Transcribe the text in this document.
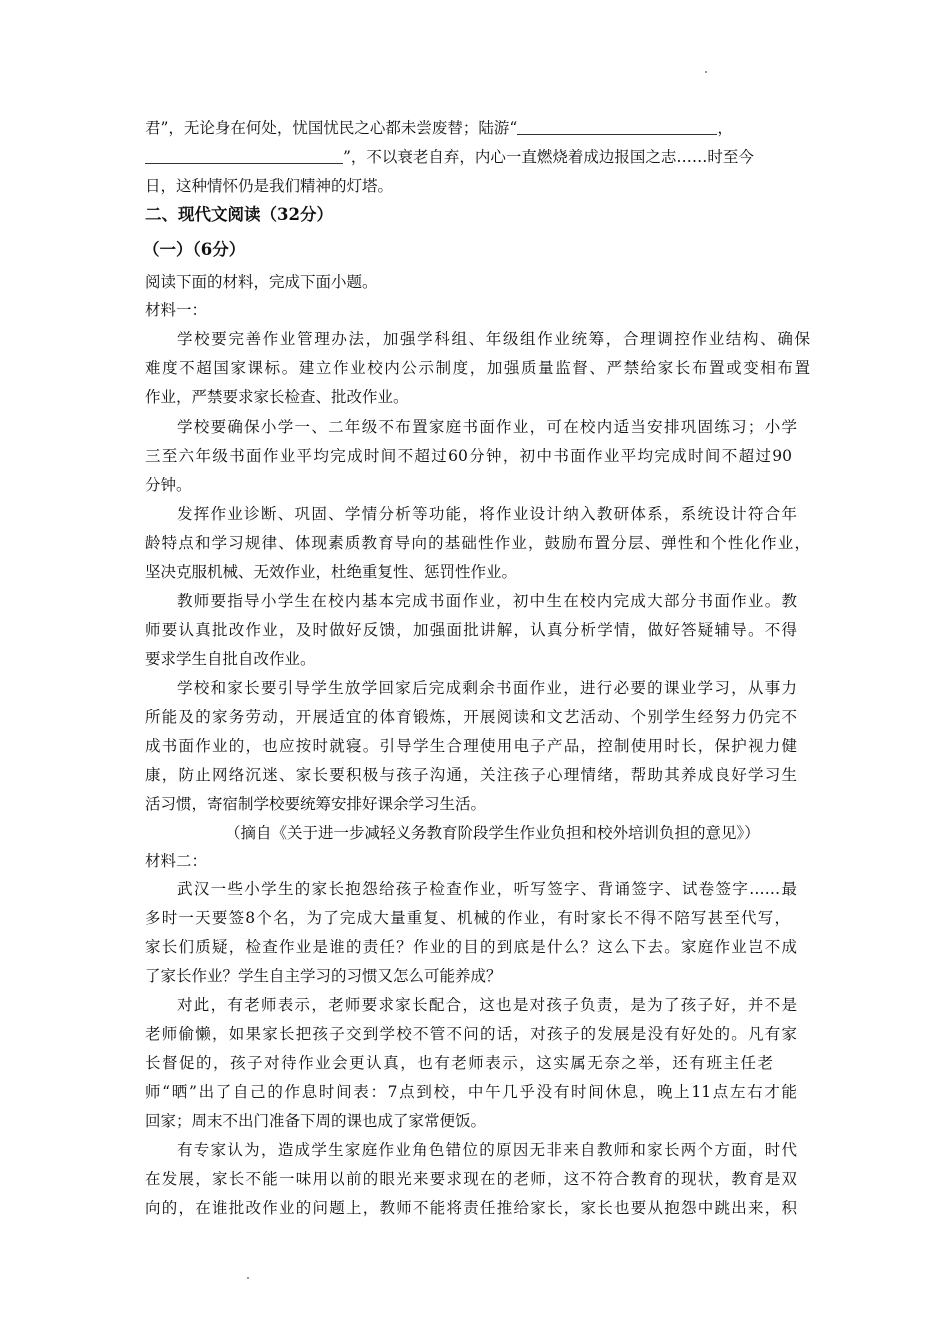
君”，无论身在何处，忧国忧民之心都未尝废替；陆游“	，
”，不以衰老自弃，内心一直燃烧着成边报国之志……时至今
日，这种情怀仍是我们精神的灯塔。
二、现代文阅读（32分）
（一）（6分）
阅读下面的材料，完成下面小题。
材料一：
学校要完善作业管理办法，加强学科组、年级组作业统筹，合理调控作业结构、确保
难度不超国家课标。建立作业校内公示制度，加强质量监督、严禁给家长布置或变相布置
作业，严禁要求家长检查、批改作业。
学校要确保小学一、二年级不布置家庭书面作业，可在校内适当安排巩固练习；小学
三至六年级书面作业平均完成时间不超过60分钟，初中书面作业平均完成时间不超过90
分钟。
发挥作业诊断、巩固、学情分析等功能，将作业设计纳入教研体系，系统设计符合年
龄特点和学习规律、体现素质教育导向的基础性作业，鼓励布置分层、弹性和个性化作业，
坚决克服机械、无效作业，杜绝重复性、惩罚性作业。
教师要指导小学生在校内基本完成书面作业，初中生在校内完成大部分书面作业。教
师要认真批改作业，及时做好反馈，加强面批讲解，认真分析学情，做好答疑辅导。不得
要求学生自批自改作业。
学校和家长要引导学生放学回家后完成剩余书面作业，进行必要的课业学习，从事力
所能及的家务劳动，开展适宜的体育锻炼，开展阅读和文艺活动、个别学生经努力仍完不
成书面作业的，也应按时就寝。引导学生合理使用电子产品，控制使用时长，保护视力健
康，防止网络沉迷、家长要积极与孩子沟通，关注孩子心理情绪，帮助其养成良好学习生
活习惯，寄宿制学校要统筹安排好课余学习生活。
（摘自《关于进一步减轻义务教育阶段学生作业负担和校外培训负担的意见》）
材料二：
武汉一些小学生的家长抱怨给孩子检查作业，听写签字、背诵签字、试卷签字……最
多时一天要签8个名，为了完成大量重复、机械的作业，有时家长不得不陪写甚至代写，
家长们质疑，检查作业是谁的责任？作业的目的到底是什么？这么下去。家庭作业岂不成
了家长作业？学生自主学习的习惯又怎么可能养成？
对此，有老师表示，老师要求家长配合，这也是对孩子负责，是为了孩子好，并不是
老师偷懒，如果家长把孩子交到学校不管不问的话，对孩子的发展是没有好处的。凡有家
长督促的，孩子对待作业会更认真，也有老师表示，这实属无奈之举，还有班主任老
师“晒”出了自己的作息时间表：7点到校，中午几乎没有时间休息，晚上11点左右才能
回家；周末不出门准备下周的课也成了家常便饭。
有专家认为，造成学生家庭作业角色错位的原因无非来自教师和家长两个方面，时代
在发展，家长不能一味用以前的眼光来要求现在的老师，这不符合教育的现状，教育是双
向的，在谁批改作业的问题上，教师不能将责任推给家长，家长也要从抱怨中跳出来，积
